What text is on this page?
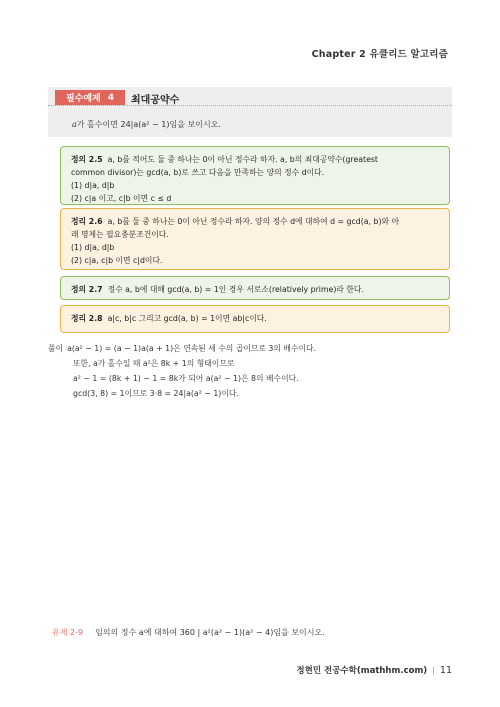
Chapter 2 유클리드 알고리즘
필수예제 4 최대공약수
a가 홀수이면 24|a(a² − 1)임을 보이시오.
정의 2.5 a, b를 적어도 둘 중 하나는 0이 아닌 정수라 하자. a, b의 최대공약수(greatest
common divisor)는 gcd(a, b)로 쓰고 다음을 만족하는 양의 정수 d이다.
(1) d|a, d|b
(2) c|a 이고, c|b 이면 c ≤ d
정리 2.6 a, b를 둘 중 하나는 0이 아닌 정수라 하자. 양의 정수 d에 대하여 d = gcd(a, b)와 아
래 명제는 필요충분조건이다.
(1) d|a, d|b
(2) c|a, c|b 이면 c|d이다.
정의 2.7 정수 a, b에 대해 gcd(a, b) = 1인 경우 서로소(relatively prime)라 한다.
정리 2.8 a|c, b|c 그리고 gcd(a, b) = 1이면 ab|c이다.
풀이 a(a² − 1) = (a − 1)a(a + 1)은 연속된 세 수의 곱이므로 3의 배수이다.
또한, a가 홀수일 때 a²은 8k + 1의 형태이므로
a² − 1 = (8k + 1) − 1 = 8k가 되어 a(a² − 1)은 8의 배수이다.
gcd(3, 8) = 1이므로 3·8 = 24|a(a² − 1)이다.
유제 2-9 임의의 정수 a에 대하여 360 | a²(a² − 1)(a² − 4)임을 보이시오.
정현민 전공수학(mathhm.com) | 11
